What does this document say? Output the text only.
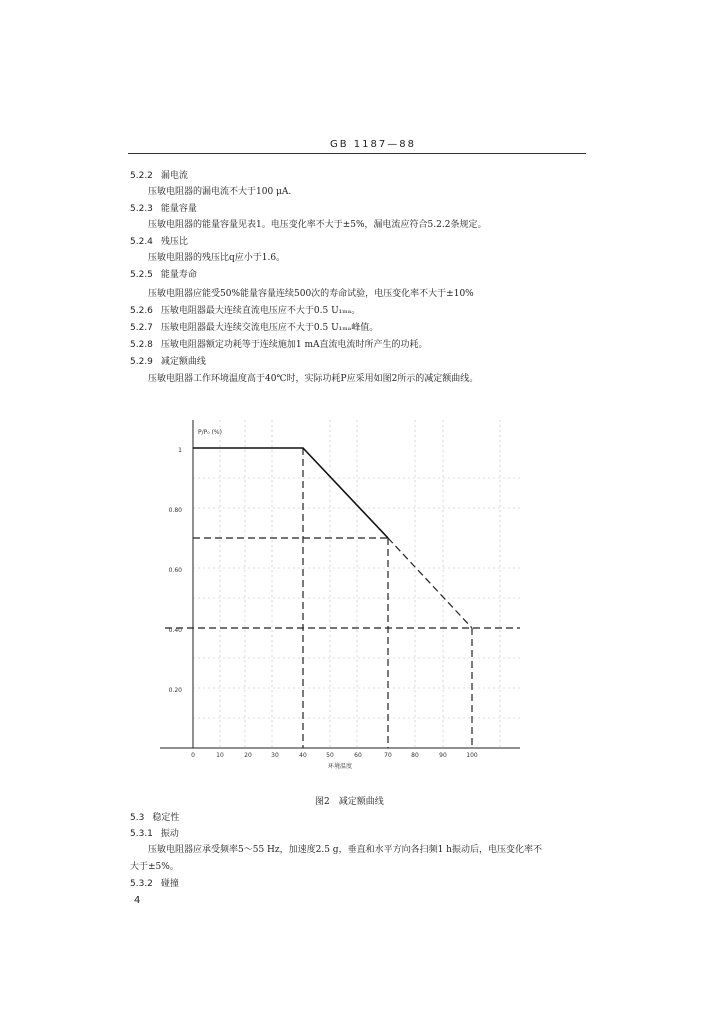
GB 1187—88
5.2.2 漏电流
压敏电阻器的漏电流不大于100 μA.
5.2.3 能量容量
压敏电阻器的能量容量见表1。电压变化率不大于±5%，漏电流应符合5.2.2条规定。
5.2.4 残压比
压敏电阻器的残压比q应小于1.6。
5.2.5 能量寿命
压敏电阻器应能受50%能量容量连续500次的寿命试验，电压变化率不大于±10%
5.2.6 压敏电阻器最大连续直流电压应不大于0.5 U₁ₘₐ。
5.2.7 压敏电阻器最大连续交流电压应不大于0.5 U₁ₘₐ峰值。
5.2.8 压敏电阻器额定功耗等于连续施加1 mA直流电流时所产生的功耗。
5.2.9 减定额曲线
压敏电阻器工作环境温度高于40℃时，实际功耗P应采用如图2所示的减定额曲线。
P/P₀ (%)
1
0.80
0.60
0.40
0.20
0	10	20	30	40	50	60	70	80	90	100
环境温度
图2　减定额曲线
5.3 稳定性
5.3.1 振动
压敏电阻器应承受频率5～55 Hz，加速度2.5 g，垂直和水平方向各扫频1 h振动后，电压变化率不
大于±5%。
5.3.2 碰撞
4
